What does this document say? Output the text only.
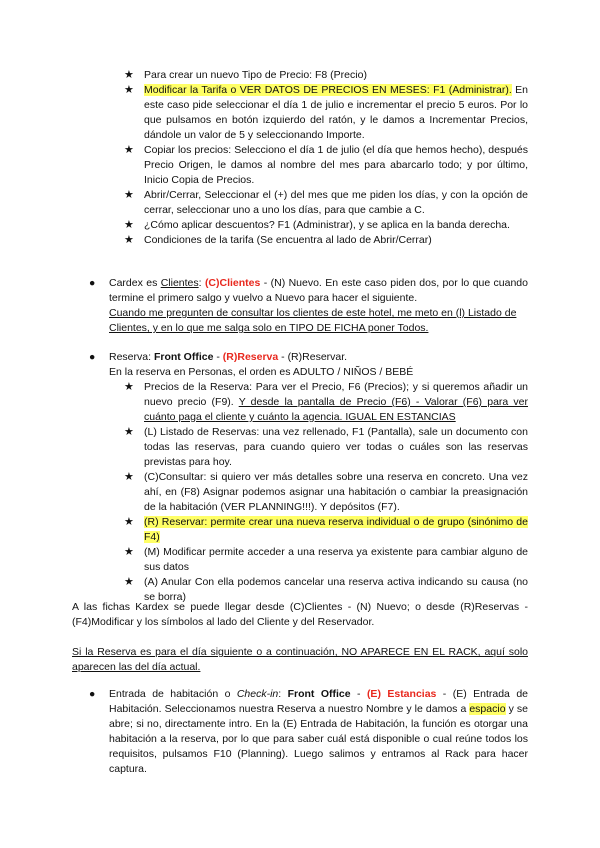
★ Para crear un nuevo Tipo de Precio: F8 (Precio)
★ Modificar la Tarifa o VER DATOS DE PRECIOS EN MESES: F1 (Administrar). En este caso pide seleccionar el día 1 de julio e incrementar el precio 5 euros. Por lo que pulsamos en botón izquierdo del ratón, y le damos a Incrementar Precios, dándole un valor de 5 y seleccionando Importe.
★ Copiar los precios: Selecciono el día 1 de julio (el día que hemos hecho), después Precio Origen, le damos al nombre del mes para abarcarlo todo; y por último, Inicio Copia de Precios.
★ Abrir/Cerrar, Seleccionar el (+) del mes que me piden los días, y con la opción de cerrar, seleccionar uno a uno los días, para que cambie a C.
★ ¿Cómo aplicar descuentos? F1 (Administrar), y se aplica en la banda derecha.
★ Condiciones de la tarifa (Se encuentra al lado de Abrir/Cerrar)
●	Cardex es Clientes: (C)Clientes - (N) Nuevo. En este caso piden dos, por lo que cuando termine el primero salgo y vuelvo a Nuevo para hacer el siguiente.
Cuando me pregunten de consultar los clientes de este hotel, me meto en (l) Listado de Clientes, y en lo que me salga solo en TIPO DE FICHA poner Todos.
●	Reserva: Front Office - (R)Reserva - (R)Reservar.
En la reserva en Personas, el orden es ADULTO / NIÑOS / BEBÉ
★ Precios de la Reserva: Para ver el Precio, F6 (Precios); y si queremos añadir un nuevo precio (F9). Y desde la pantalla de Precio (F6) - Valorar (F6) para ver cuánto paga el cliente y cuánto la agencia. IGUAL EN ESTANCIAS
★ (L) Listado de Reservas: una vez rellenado, F1 (Pantalla), sale un documento con todas las reservas, para cuando quiero ver todas o cuáles son las reservas previstas para hoy.
★ (C)Consultar: si quiero ver más detalles sobre una reserva en concreto. Una vez ahí, en (F8) Asignar podemos asignar una habitación o cambiar la preasignación de la habitación (VER PLANNING!!!). Y depósitos (F7).
★ (R) Reservar: permite crear una nueva reserva individual o de grupo (sinónimo de F4)
★ (M) Modificar permite acceder a una reserva ya existente para cambiar alguno de sus datos
★ (A) Anular Con ella podemos cancelar una reserva activa indicando su causa (no se borra)
A las fichas Kardex se puede llegar desde (C)Clientes - (N) Nuevo; o desde (R)Reservas - (F4)Modificar y los símbolos al lado del Cliente y del Reservador.
Si la Reserva es para el día siguiente o a continuación, NO APARECE EN EL RACK, aquí solo aparecen las del día actual.
●	Entrada de habitación o Check-in: Front Office - (E) Estancias - (E) Entrada de Habitación. Seleccionamos nuestra Reserva a nuestro Nombre y le damos a espacio y se abre; si no, directamente intro. En la (E) Entrada de Habitación, la función es otorgar una habitación a la reserva, por lo que para saber cuál está disponible o cual reúne todos los requisitos, pulsamos F10 (Planning). Luego salimos y entramos al Rack para hacer captura.
